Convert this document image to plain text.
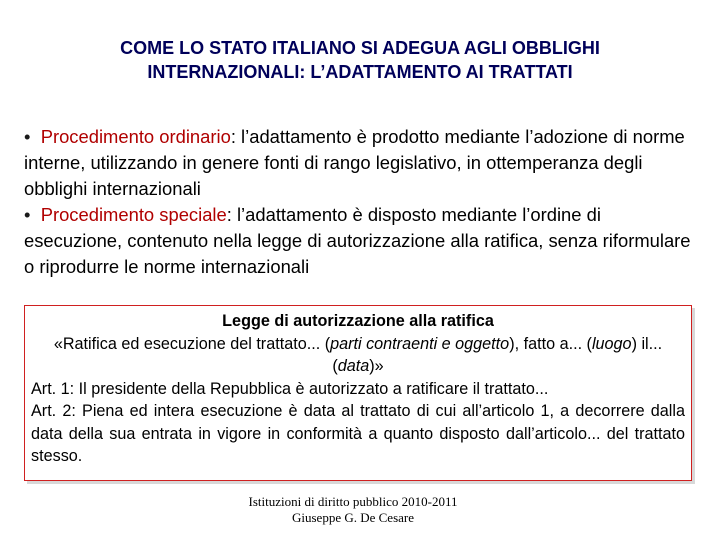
COME LO STATO ITALIANO SI ADEGUA AGLI OBBLIGHI
INTERNAZIONALI: L’ADATTAMENTO AI TRATTATI

• Procedimento ordinario: l’adattamento è prodotto mediante l’adozione di norme interne, utilizzando in genere fonti di rango legislativo, in ottemperanza degli obblighi internazionali

• Procedimento speciale: l’adattamento è disposto mediante l’ordine di esecuzione, contenuto nella legge di autorizzazione alla ratifica, senza riformulare o riprodurre le norme internazionali

Legge di autorizzazione alla ratifica

«Ratifica ed esecuzione del trattato... (parti contraenti e oggetto), fatto a... (luogo) il... (data)»

Art. 1: Il presidente della Repubblica è autorizzato a ratificare il trattato...

Art. 2: Piena ed intera esecuzione è data al trattato di cui all’articolo 1, a decorrere dalla data della sua entrata in vigore in conformità a quanto disposto dall’articolo... del trattato stesso.

Istituzioni di diritto pubblico 2010-2011
Giuseppe G. De Cesare
